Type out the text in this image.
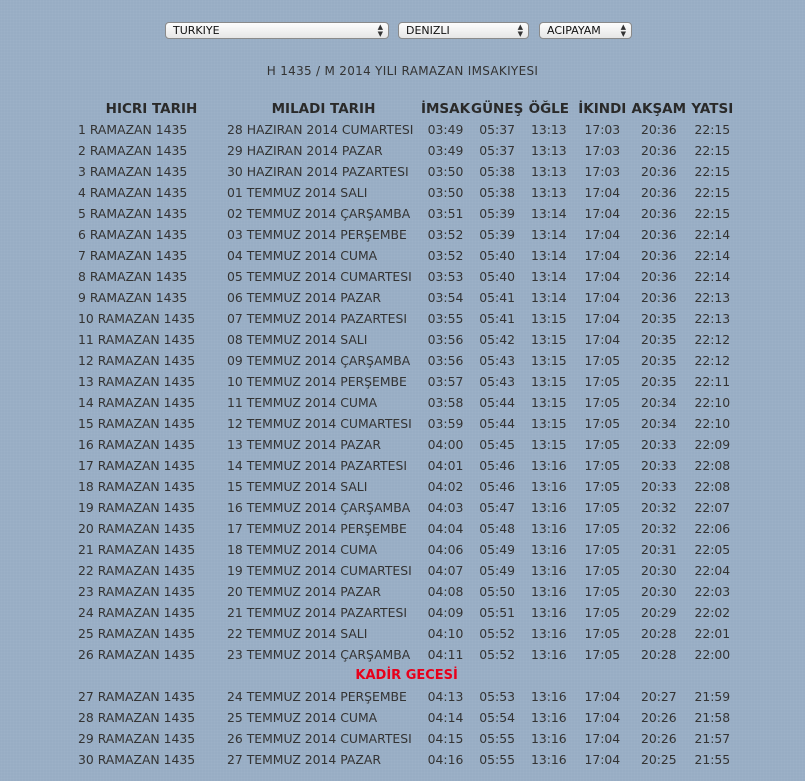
TURKIYE	▲
▼	DENIZLI	▲
▼	ACIPAYAM	▲
▼
H 1435 / M 2014 YILI RAMAZAN IMSAKIYESI
HICRI TARIH	MILADI TARIH	İMSAK	GÜNEŞ	ÖĞLE	İKINDI	AKŞAM	YATSI
1 RAMAZAN 1435	28 HAZIRAN 2014 CUMARTESI	03:49	05:37	13:13	17:03	20:36	22:15
2 RAMAZAN 1435	29 HAZIRAN 2014 PAZAR	03:49	05:37	13:13	17:03	20:36	22:15
3 RAMAZAN 1435	30 HAZIRAN 2014 PAZARTESI	03:50	05:38	13:13	17:03	20:36	22:15
4 RAMAZAN 1435	01 TEMMUZ 2014 SALI	03:50	05:38	13:13	17:04	20:36	22:15
5 RAMAZAN 1435	02 TEMMUZ 2014 ÇARŞAMBA	03:51	05:39	13:14	17:04	20:36	22:15
6 RAMAZAN 1435	03 TEMMUZ 2014 PERŞEMBE	03:52	05:39	13:14	17:04	20:36	22:14
7 RAMAZAN 1435	04 TEMMUZ 2014 CUMA	03:52	05:40	13:14	17:04	20:36	22:14
8 RAMAZAN 1435	05 TEMMUZ 2014 CUMARTESI	03:53	05:40	13:14	17:04	20:36	22:14
9 RAMAZAN 1435	06 TEMMUZ 2014 PAZAR	03:54	05:41	13:14	17:04	20:36	22:13
10 RAMAZAN 1435	07 TEMMUZ 2014 PAZARTESI	03:55	05:41	13:15	17:04	20:35	22:13
11 RAMAZAN 1435	08 TEMMUZ 2014 SALI	03:56	05:42	13:15	17:04	20:35	22:12
12 RAMAZAN 1435	09 TEMMUZ 2014 ÇARŞAMBA	03:56	05:43	13:15	17:05	20:35	22:12
13 RAMAZAN 1435	10 TEMMUZ 2014 PERŞEMBE	03:57	05:43	13:15	17:05	20:35	22:11
14 RAMAZAN 1435	11 TEMMUZ 2014 CUMA	03:58	05:44	13:15	17:05	20:34	22:10
15 RAMAZAN 1435	12 TEMMUZ 2014 CUMARTESI	03:59	05:44	13:15	17:05	20:34	22:10
16 RAMAZAN 1435	13 TEMMUZ 2014 PAZAR	04:00	05:45	13:15	17:05	20:33	22:09
17 RAMAZAN 1435	14 TEMMUZ 2014 PAZARTESI	04:01	05:46	13:16	17:05	20:33	22:08
18 RAMAZAN 1435	15 TEMMUZ 2014 SALI	04:02	05:46	13:16	17:05	20:33	22:08
19 RAMAZAN 1435	16 TEMMUZ 2014 ÇARŞAMBA	04:03	05:47	13:16	17:05	20:32	22:07
20 RAMAZAN 1435	17 TEMMUZ 2014 PERŞEMBE	04:04	05:48	13:16	17:05	20:32	22:06
21 RAMAZAN 1435	18 TEMMUZ 2014 CUMA	04:06	05:49	13:16	17:05	20:31	22:05
22 RAMAZAN 1435	19 TEMMUZ 2014 CUMARTESI	04:07	05:49	13:16	17:05	20:30	22:04
23 RAMAZAN 1435	20 TEMMUZ 2014 PAZAR	04:08	05:50	13:16	17:05	20:30	22:03
24 RAMAZAN 1435	21 TEMMUZ 2014 PAZARTESI	04:09	05:51	13:16	17:05	20:29	22:02
25 RAMAZAN 1435	22 TEMMUZ 2014 SALI	04:10	05:52	13:16	17:05	20:28	22:01
26 RAMAZAN 1435	23 TEMMUZ 2014 ÇARŞAMBA	04:11	05:52	13:16	17:05	20:28	22:00
KADİR GECESİ							
27 RAMAZAN 1435	24 TEMMUZ 2014 PERŞEMBE	04:13	05:53	13:16	17:04	20:27	21:59
28 RAMAZAN 1435	25 TEMMUZ 2014 CUMA	04:14	05:54	13:16	17:04	20:26	21:58
29 RAMAZAN 1435	26 TEMMUZ 2014 CUMARTESI	04:15	05:55	13:16	17:04	20:26	21:57
30 RAMAZAN 1435	27 TEMMUZ 2014 PAZAR	04:16	05:55	13:16	17:04	20:25	21:55
